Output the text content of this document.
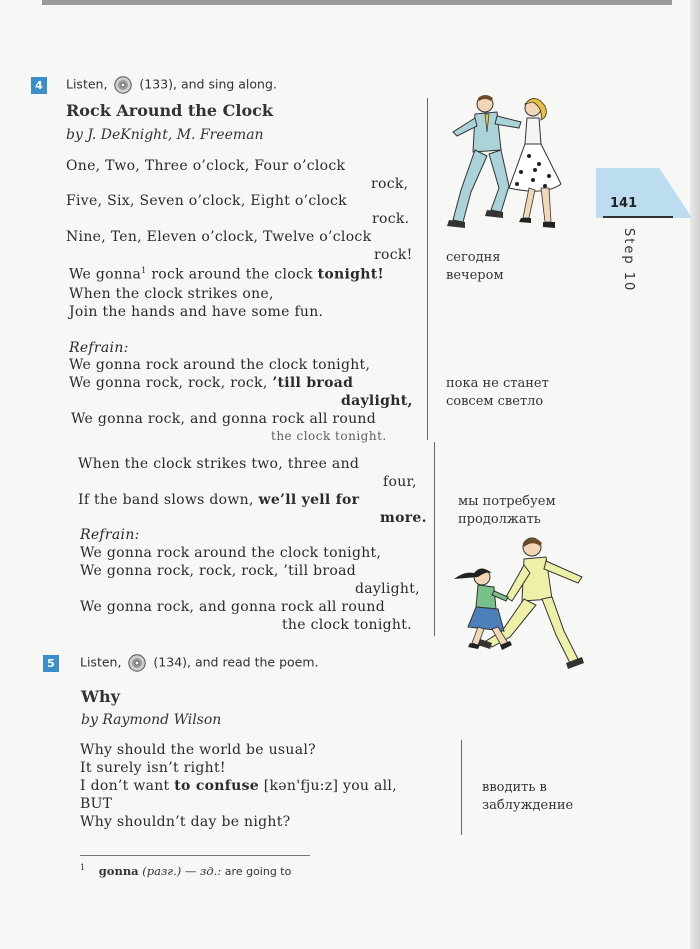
141
Step 10
4	Listen,	(133), and sing along.
Rock Around the Clock
by J. DeKnight, M. Freeman
One, Two, Three o’clock, Four o’clock
rock,
Five, Six, Seven o’clock, Eight o’clock
rock.
Nine, Ten, Eleven o’clock, Twelve o’clock
rock!
We gonna$^1$ rock around the clock tonight!
When the clock strikes one,
Join the hands and have some fun.
Refrain:
We gonna rock around the clock tonight,
We gonna rock, rock, rock, ’till broad
daylight,
We gonna rock, and gonna rock all round
the clock tonight.
When the clock strikes two, three and
four,
If the band slows down, we’ll yell for
more.
Refrain:
We gonna rock around the clock tonight,
We gonna rock, rock, rock, ’till broad
daylight,
We gonna rock, and gonna rock all round
the clock tonight.
сегодня
вечером
пока не станет
совсем светло
мы потребуем
продолжать
5	Listen,	(134), and read the poem.
Why
by Raymond Wilson
Why should the world be usual?
It surely isn’t right!
I don’t want to confuse [kən'fju:z] you all,
BUT
Why shouldn’t day be night?
вводить в
заблуждение
$^1$ gonna (разг.) — зд.: are going to
